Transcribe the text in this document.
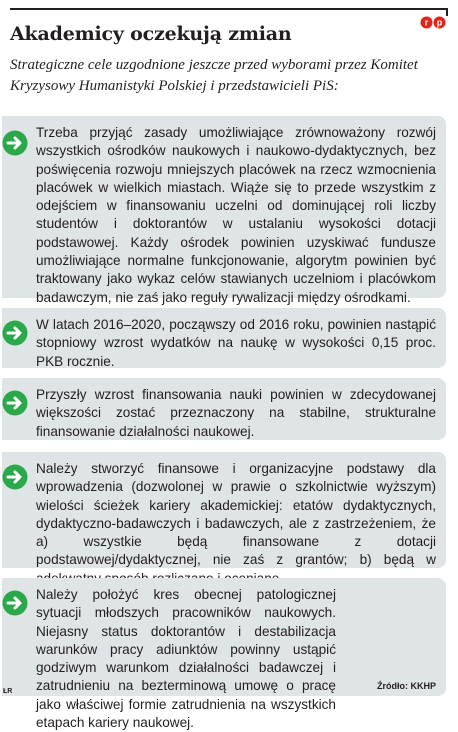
r p
Akademicy oczekują zmian
Strategiczne cele uzgodnione jeszcze przed wyborami przez Komitet Kryzysowy Humanistyki Polskiej i przedstawicieli PiS:
Trzeba przyjąć zasady umożliwiające zrównoważony rozwój wszystkich ośrodków naukowych i naukowo-dydaktycznych, bez poświęcenia rozwoju mniejszych placówek na rzecz wzmocnienia placówek w wielkich miastach. Wiąże się to przede wszystkim z odejściem w finansowaniu uczelni od dominującej roli liczby studentów i doktorantów w ustalaniu wysokości dotacji podstawowej. Każdy ośrodek powinien uzyskiwać fundusze umożliwiające normalne funkcjonowanie, algorytm powinien być traktowany jako wykaz celów stawianych uczelniom i placówkom badawczym, nie zaś jako reguły rywalizacji między ośrodkami.
W latach 2016–2020, począwszy od 2016 roku, powinien nastąpić stopniowy wzrost wydatków na naukę w wysokości 0,15 proc. PKB rocznie.
Przyszły wzrost finansowania nauki powinien w zdecydowanej większości zostać przeznaczony na stabilne, strukturalne finansowanie działalności naukowej.
Należy stworzyć finansowe i organizacyjne podstawy dla wprowadzenia (dozwolonej w prawie o szkolnictwie wyższym) wielości ścieżek kariery akademickiej: etatów dydaktycznych, dydaktyczno-badawczych i badawczych, ale z zastrzeżeniem, że a) wszystkie będą finansowane z dotacji podstawowej/dydaktycznej, nie zaś z grantów; b) będą w
Należy położyć kres obecnej patologicznej sytuacji młodszych pracowników naukowych. Niejasny status doktorantów i destabilizacja warunków pracy adiunktów powinny ustąpić godziwym warunkom działalności badawczej i zatrudnieniu na bezterminową umowę o pracę jako właściwej formie zatrudnienia na wszystkich etapach kariery naukowej.
Źródło: KKHP
ŁR
